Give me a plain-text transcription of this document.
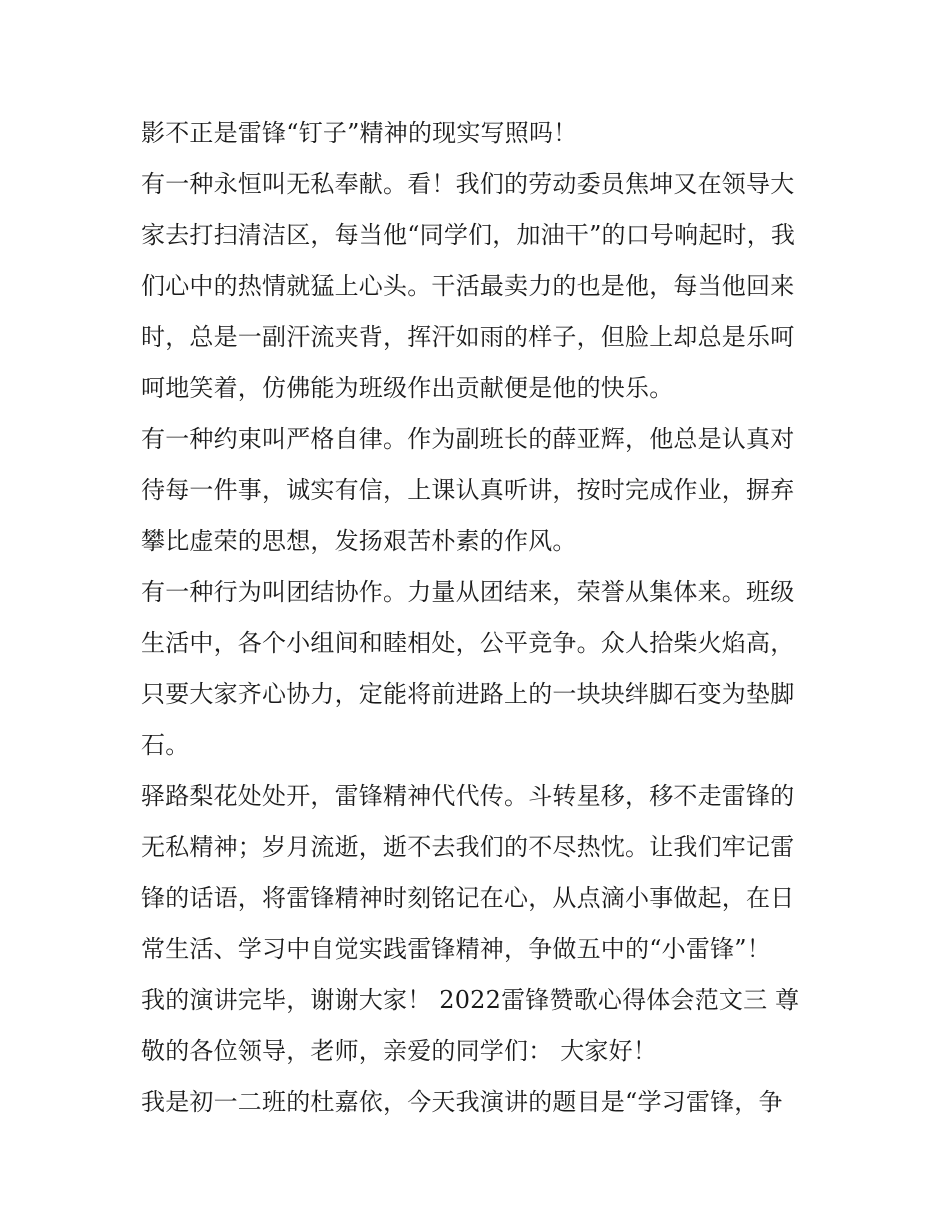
影不正是雷锋“钉子”精神的现实写照吗！
有一种永恒叫无私奉献。看！我们的劳动委员焦坤又在领导大
家去打扫清洁区，每当他“同学们，加油干”的口号响起时，我
们心中的热情就猛上心头。干活最卖力的也是他，每当他回来
时，总是一副汗流夹背，挥汗如雨的样子，但脸上却总是乐呵
呵地笑着，仿佛能为班级作出贡献便是他的快乐。
有一种约束叫严格自律。作为副班长的薛亚辉，他总是认真对
待每一件事，诚实有信，上课认真听讲，按时完成作业，摒弃
攀比虚荣的思想，发扬艰苦朴素的作风。
有一种行为叫团结协作。力量从团结来，荣誉从集体来。班级
生活中，各个小组间和睦相处，公平竞争。众人拾柴火焰高，
只要大家齐心协力，定能将前进路上的一块块绊脚石变为垫脚
石。
驿路梨花处处开，雷锋精神代代传。斗转星移，移不走雷锋的
无私精神；岁月流逝，逝不去我们的不尽热忱。让我们牢记雷
锋的话语，将雷锋精神时刻铭记在心，从点滴小事做起，在日
常生活、学习中自觉实践雷锋精神，争做五中的“小雷锋”！
我的演讲完毕，谢谢大家！ 2022雷锋赞歌心得体会范文三 尊
敬的各位领导，老师，亲爱的同学们： 大家好！
我是初一二班的杜嘉依，今天我演讲的题目是“学习雷锋，争
